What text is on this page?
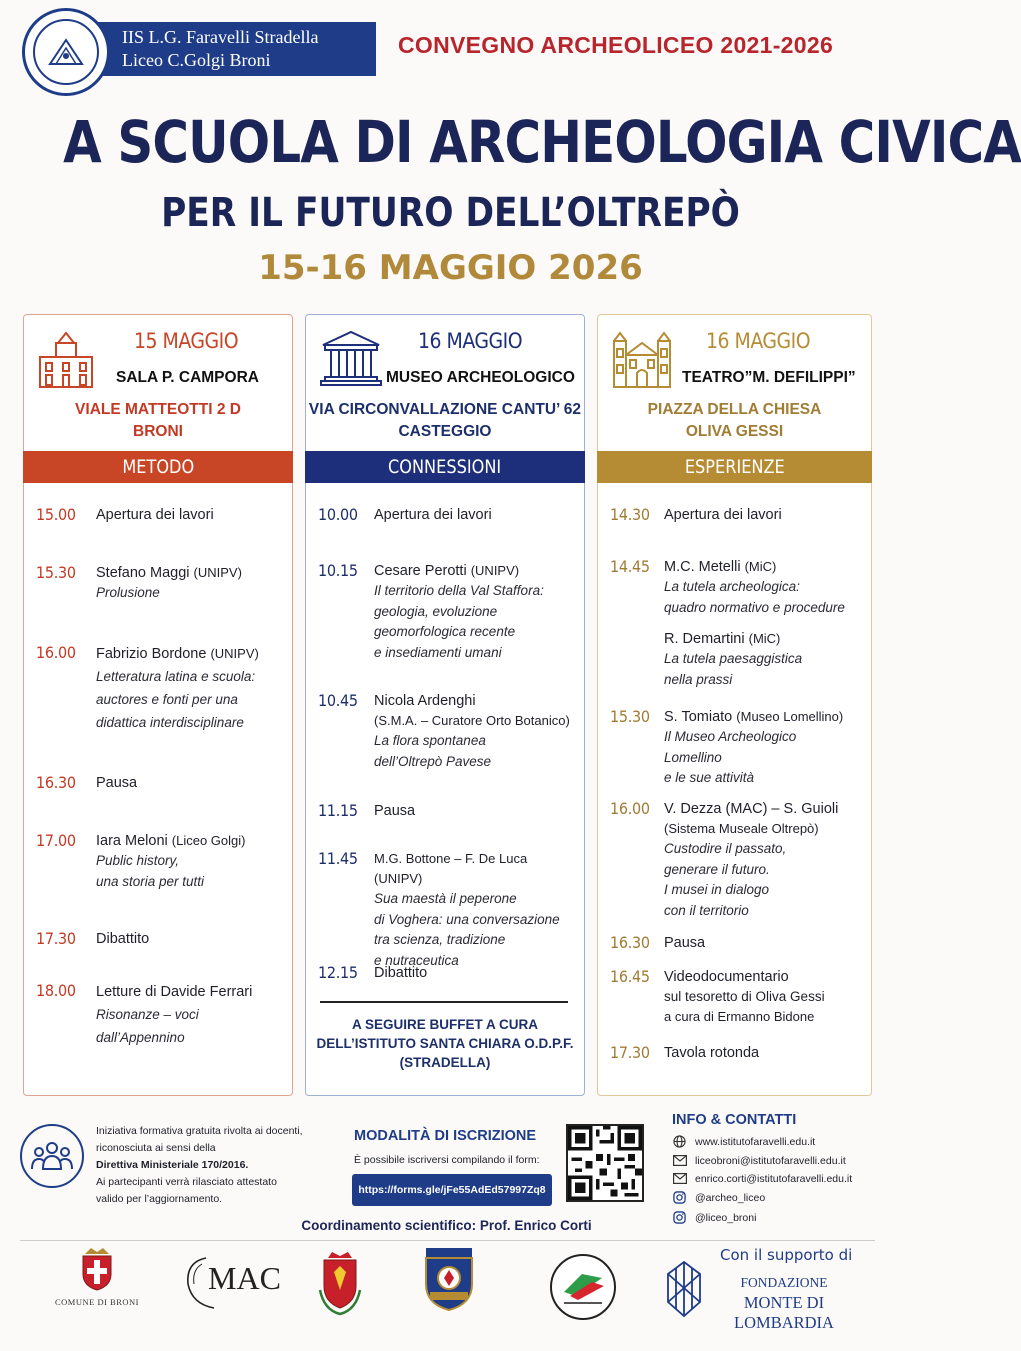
IIS L.G. Faravelli Stradella
Liceo C.Golgi Broni
CONVEGNO ARCHEOLICEO 2021-2026
A SCUOLA DI ARCHEOLOGIA CIVICA
PER IL FUTURO DELL’OLTREPÒ
15-16 MAGGIO 2026
15 MAGGIO
SALA P. CAMPORA
VIALE MATTEOTTI 2 D
BRONI
METODO
15.00 Apertura dei lavori
15.30 Stefano Maggi (UNIPV)
Prolusione
16.00 Fabrizio Bordone (UNIPV)
Letteratura latina e scuola:
auctores e fonti per una
didattica interdisciplinare
16.30 Pausa
17.00 Iara Meloni (Liceo Golgi)
Public history,
una storia per tutti
17.30 Dibattito
18.00 Letture di Davide Ferrari
Risonanze – voci
dall’Appennino
16 MAGGIO
MUSEO ARCHEOLOGICO
VIA CIRCONVALLAZIONE CANTU’ 62
CASTEGGIO
CONNESSIONI
10.00 Apertura dei lavori
10.15 Cesare Perotti (UNIPV)
Il territorio della Val Staffora:
geologia, evoluzione
geomorfologica recente
e insediamenti umani
10.45 Nicola Ardenghi
(S.M.A. – Curatore Orto Botanico)
La flora spontanea
dell’Oltrepò Pavese
11.15 Pausa
11.45 M.G. Bottone – F. De Luca (UNIPV)
Sua maestà il peperone
di Voghera: una conversazione
tra scienza, tradizione
e nutraceutica
12.15 Dibattito
A SEGUIRE BUFFET A CURA
DELL’ISTITUTO SANTA CHIARA O.D.P.F.
(STRADELLA)
16 MAGGIO
TEATRO”M. DEFILIPPI”
PIAZZA DELLA CHIESA
OLIVA GESSI
ESPERIENZE
14.30 Apertura dei lavori
14.45 M.C. Metelli (MiC)
La tutela archeologica:
quadro normativo e procedure
R. Demartini (MiC)
La tutela paesaggistica
nella prassi
15.30 S. Tomiato (Museo Lomellino)
Il Museo Archeologico
Lomellino
e le sue attività
16.00 V. Dezza (MAC) – S. Guioli
(Sistema Museale Oltrepò)
Custodire il passato,
generare il futuro.
I musei in dialogo
con il territorio
16.30 Pausa
16.45 Videodocumentario
sul tesoretto di Oliva Gessi
a cura di Ermanno Bidone
17.30 Tavola rotonda
Iniziativa formativa gratuita rivolta ai docenti,
riconosciuta ai sensi della
Direttiva Ministeriale 170/2016.
Ai partecipanti verrà rilasciato attestato
valido per l’aggiornamento.
MODALITÀ DI ISCRIZIONE
È possibile iscriversi compilando il form:
https://forms.gle/jFe55AdEd57997Zq8
INFO & CONTATTI
www.istitutofaravelli.edu.it
liceobroni@istitutofaravelli.edu.it
enrico.corti@istitutofaravelli.edu.it
@archeo_liceo
@liceo_broni
Coordinamento scientifico: Prof. Enrico Corti
COMUNE DI BRONI
MAC
Con il supporto di
FONDAZIONE
MONTE DI LOMBARDIA
